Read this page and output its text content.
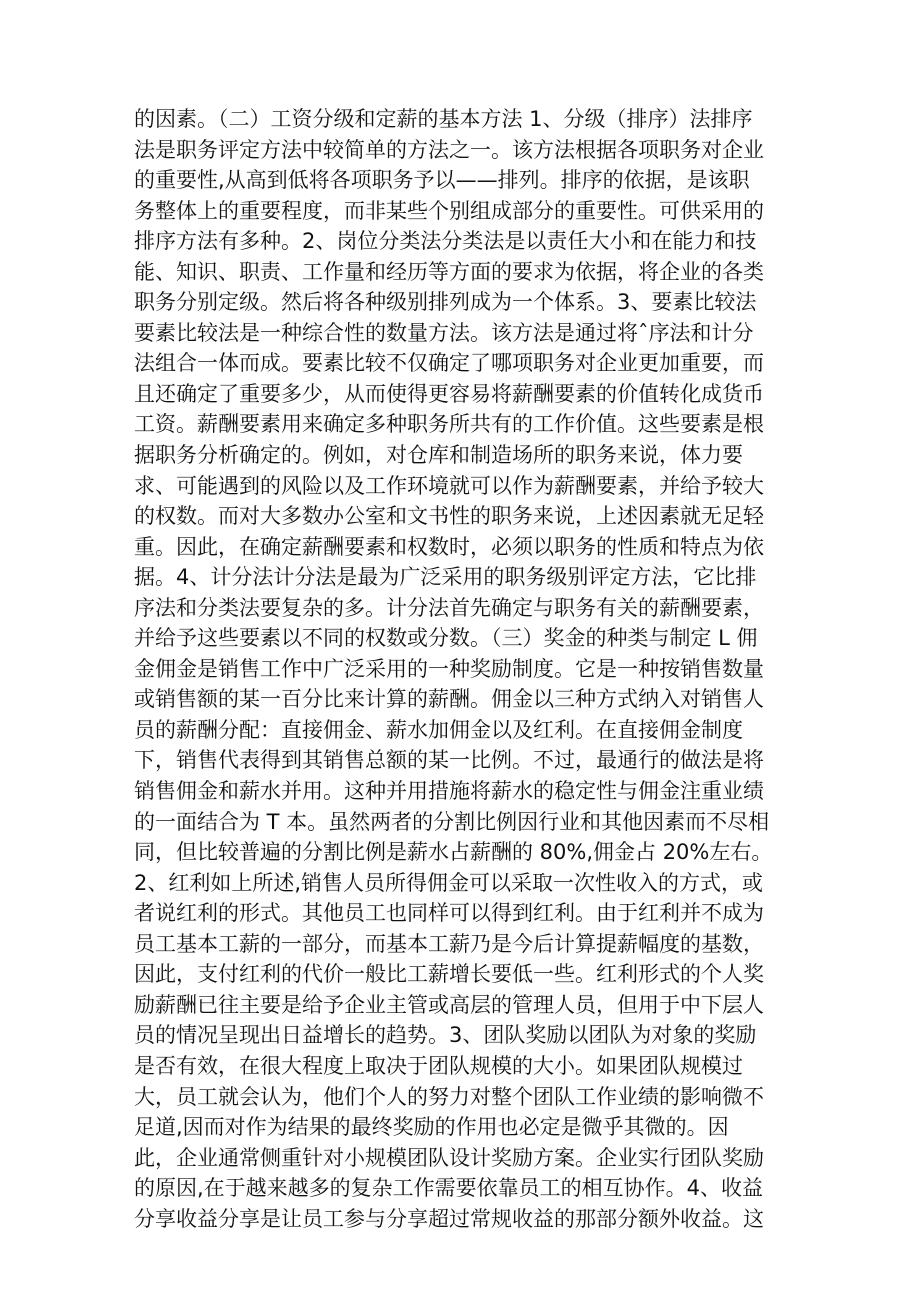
的因素。（二）工资分级和定薪的基本方法 1、分级（排序）法排序
法是职务评定方法中较简单的方法之一。该方法根据各项职务对企业
的重要性,从高到低将各项职务予以——排列。排序的依据，是该职
务整体上的重要程度，而非某些个别组成部分的重要性。可供采用的
排序方法有多种。2、岗位分类法分类法是以责任大小和在能力和技
能、知识、职责、工作量和经历等方面的要求为依据，将企业的各类
职务分别定级。然后将各种级别排列成为一个体系。3、要素比较法
要素比较法是一种综合性的数量方法。该方法是通过将ˆ序法和计分
法组合一体而成。要素比较不仅确定了哪项职务对企业更加重要，而
且还确定了重要多少，从而使得更容易将薪酬要素的价值转化成货币
工资。薪酬要素用来确定多种职务所共有的工作价值。这些要素是根
据职务分析确定的。例如，对仓库和制造场所的职务来说，体力要
求、可能遇到的风险以及工作环境就可以作为薪酬要素，并给予较大
的权数。而对大多数办公室和文书性的职务来说，上述因素就无足轻
重。因此，在确定薪酬要素和权数时，必须以职务的性质和特点为依
据。4、计分法计分法是最为广泛采用的职务级别评定方法，它比排
序法和分类法要复杂的多。计分法首先确定与职务有关的薪酬要素，
并给予这些要素以不同的权数或分数。（三）奖金的种类与制定 L 佣
金佣金是销售工作中广泛采用的一种奖励制度。它是一种按销售数量
或销售额的某一百分比来计算的薪酬。佣金以三种方式纳入对销售人
员的薪酬分配：直接佣金、薪水加佣金以及红利。在直接佣金制度
下，销售代表得到其销售总额的某一比例。不过，最通行的做法是将
销售佣金和薪水并用。这种并用措施将薪水的稳定性与佣金注重业绩
的一面结合为 T 本。虽然两者的分割比例因行业和其他因素而不尽相
同，但比较普遍的分割比例是薪水占薪酬的 80%,佣金占 20%左右。
2、红利如上所述,销售人员所得佣金可以采取一次性收入的方式，或
者说红利的形式。其他员工也同样可以得到红利。由于红利并不成为
员工基本工薪的一部分，而基本工薪乃是今后计算提薪幅度的基数，
因此，支付红利的代价一般比工薪增长要低一些。红利形式的个人奖
励薪酬已往主要是给予企业主管或高层的管理人员，但用于中下层人
员的情况呈现出日益增长的趋势。3、团队奖励以团队为对象的奖励
是否有效，在很大程度上取决于团队规模的大小。如果团队规模过
大，员工就会认为，他们个人的努力对整个团队工作业绩的影响微不
足道,因而对作为结果的最终奖励的作用也必定是微乎其微的。因
此，企业通常侧重针对小规模团队设计奖励方案。企业实行团队奖励
的原因,在于越来越多的复杂工作需要依靠员工的相互协作。4、收益
分享收益分享是让员工参与分享超过常规收益的那部分额外收益。这
